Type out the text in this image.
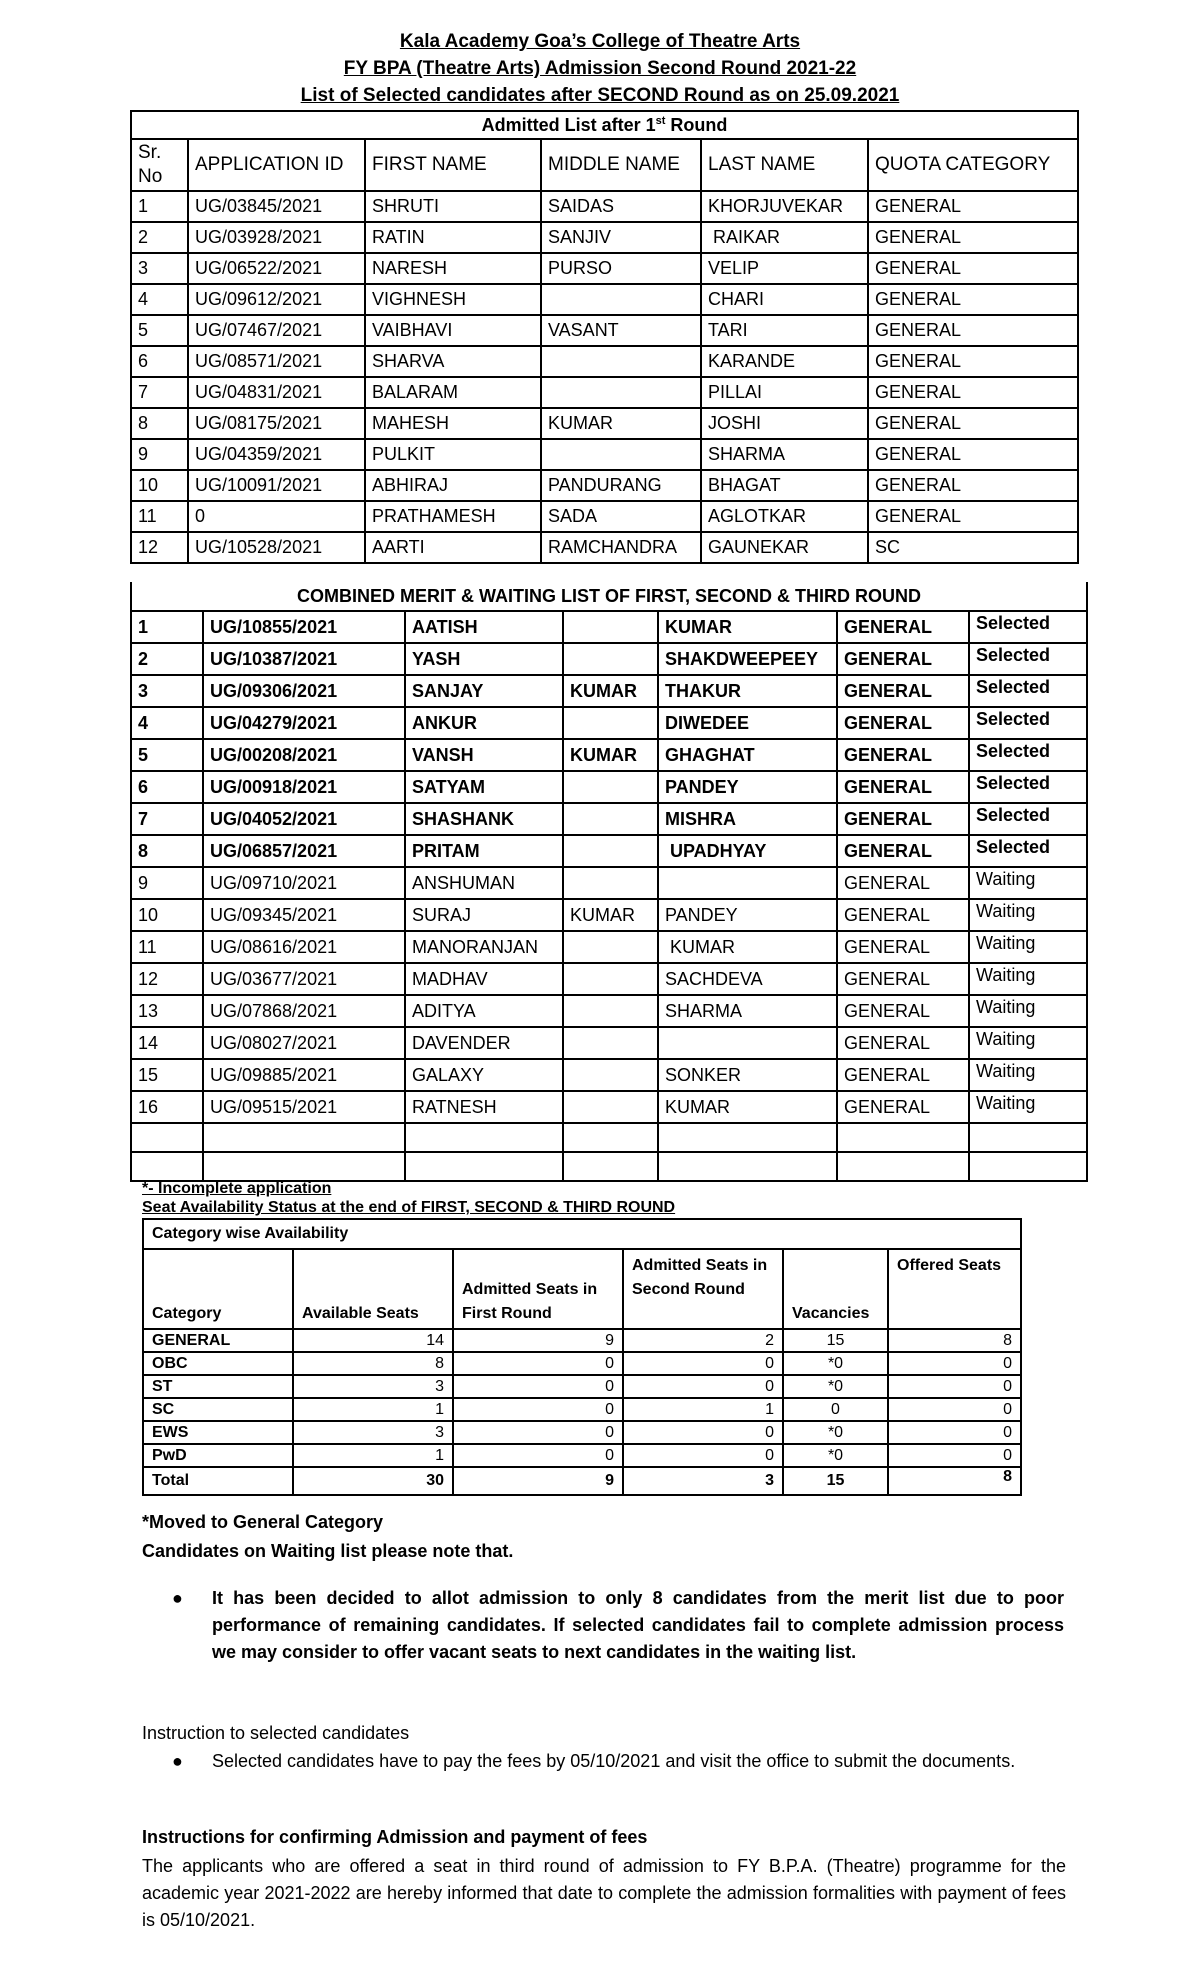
Kala Academy Goa’s College of Theatre Arts
FY BPA (Theatre Arts) Admission Second Round 2021-22
List of Selected candidates after SECOND Round as on 25.09.2021
Admitted List after 1st Round					
Sr.
No	APPLICATION ID	FIRST NAME	MIDDLE NAME	LAST NAME	QUOTA CATEGORY
1	UG/03845/2021	SHRUTI	SAIDAS	KHORJUVEKAR	GENERAL
2	UG/03928/2021	RATIN	SANJIV	RAIKAR	GENERAL
3	UG/06522/2021	NARESH	PURSO	VELIP	GENERAL
4	UG/09612/2021	VIGHNESH		CHARI	GENERAL
5	UG/07467/2021	VAIBHAVI	VASANT	TARI	GENERAL
6	UG/08571/2021	SHARVA		KARANDE	GENERAL
7	UG/04831/2021	BALARAM		PILLAI	GENERAL
8	UG/08175/2021	MAHESH	KUMAR	JOSHI	GENERAL
9	UG/04359/2021	PULKIT		SHARMA	GENERAL
10	UG/10091/2021	ABHIRAJ	PANDURANG	BHAGAT	GENERAL
11	0	PRATHAMESH	SADA	AGLOTKAR	GENERAL
12	UG/10528/2021	AARTI	RAMCHANDRA	GAUNEKAR	SC
COMBINED MERIT & WAITING LIST OF FIRST, SECOND & THIRD ROUND						
1	UG/10855/2021	AATISH		KUMAR	GENERAL	Selected
2	UG/10387/2021	YASH		SHAKDWEEPEEY	GENERAL	Selected
3	UG/09306/2021	SANJAY	KUMAR	THAKUR	GENERAL	Selected
4	UG/04279/2021	ANKUR		DIWEDEE	GENERAL	Selected
5	UG/00208/2021	VANSH	KUMAR	GHAGHAT	GENERAL	Selected
6	UG/00918/2021	SATYAM		PANDEY	GENERAL	Selected
7	UG/04052/2021	SHASHANK		MISHRA	GENERAL	Selected
8	UG/06857/2021	PRITAM		UPADHYAY	GENERAL	Selected
9	UG/09710/2021	ANSHUMAN			GENERAL	Waiting
10	UG/09345/2021	SURAJ	KUMAR	PANDEY	GENERAL	Waiting
11	UG/08616/2021	MANORANJAN		KUMAR	GENERAL	Waiting
12	UG/03677/2021	MADHAV		SACHDEVA	GENERAL	Waiting
13	UG/07868/2021	ADITYA		SHARMA	GENERAL	Waiting
14	UG/08027/2021	DAVENDER			GENERAL	Waiting
15	UG/09885/2021	GALAXY		SONKER	GENERAL	Waiting
16	UG/09515/2021	RATNESH		KUMAR	GENERAL	Waiting

*- Incomplete application
Seat Availability Status at the end of FIRST, SECOND & THIRD ROUND
Category wise Availability					
Category	Available Seats	Admitted Seats in First Round	Admitted Seats in Second Round	Vacancies	Offered Seats
GENERAL	14	9	2	15	8
OBC	8	0	0	*0	0
ST	3	0	0	*0	0
SC	1	0	1	0	0
EWS	3	0	0	*0	0
PwD	1	0	0	*0	0
Total	30	9	3	15	8
*Moved to General Category
Candidates on Waiting list please note that.
● It has been decided to allot admission to only 8 candidates from the merit list due to poor performance of remaining candidates. If selected candidates fail to complete admission process we may consider to offer vacant seats to next candidates in the waiting list.
Instruction to selected candidates
● Selected candidates have to pay the fees by 05/10/2021 and visit the office to submit the documents.
Instructions for confirming Admission and payment of fees
The applicants who are offered a seat in third round of admission to FY B.P.A. (Theatre) programme for the academic year 2021-2022 are hereby informed that date to complete the admission formalities with payment of fees is 05/10/2021.
